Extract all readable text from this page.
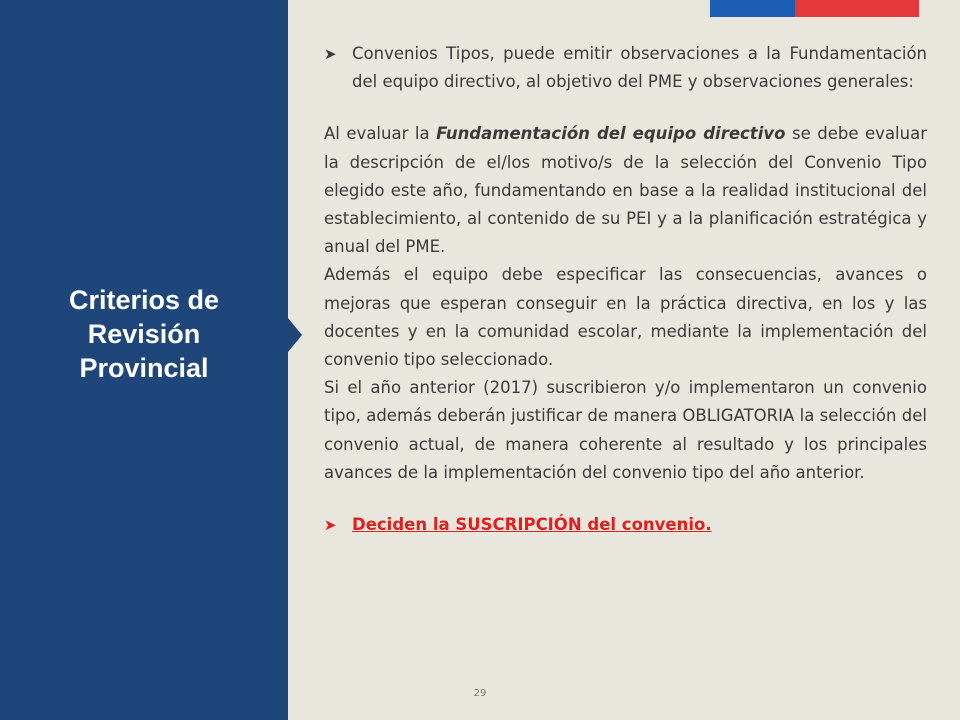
Criterios de
Revisión
Provincial
➤ Convenios Tipos, puede emitir observaciones a la Fundamentación del equipo directivo, al objetivo del PME y observaciones generales:

Al evaluar la Fundamentación del equipo directivo se debe evaluar la descripción de el/los motivo/s de la selección del Convenio Tipo elegido este año, fundamentando en base a la realidad institucional del establecimiento, al contenido de su PEI y a la planificación estratégica y anual del PME.

Además el equipo debe especificar las consecuencias, avances o mejoras que esperan conseguir en la práctica directiva, en los y las docentes y en la comunidad escolar, mediante la implementación del convenio tipo seleccionado.

Si el año anterior (2017) suscribieron y/o implementaron un convenio tipo, además deberán justificar de manera OBLIGATORIA la selección del convenio actual, de manera coherente al resultado y los principales avances de la implementación del convenio tipo del año anterior.

➤ Deciden la SUSCRIPCIÓN del convenio.
29
